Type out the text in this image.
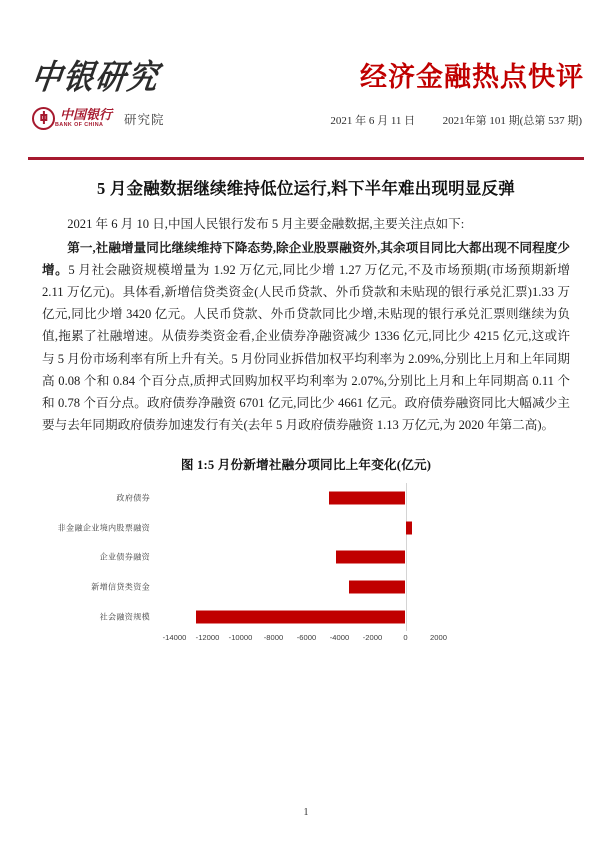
中银研究	经济金融热点快评
中国银行
BANK OF CHINA	研究院	2021 年 6 月 11 日	2021年第 101 期(总第 537 期)
5 月金融数据继续维持低位运行,料下半年难出现明显反弹

2021 年 6 月 10 日,中国人民银行发布 5 月主要金融数据,主要关注点如下:

第一,社融增量同比继续维持下降态势,除企业股票融资外,其余项目同比大都出现不同程度少增。5 月社会融资规模增量为 1.92 万亿元,同比少增 1.27 万亿元,不及市场预期(市场预期新增 2.11 万亿元)。具体看,新增信贷类资金(人民币贷款、外币贷款和未贴现的银行承兑汇票)1.33 万亿元,同比少增 3420 亿元。人民币贷款、外币贷款同比少增,未贴现的银行承兑汇票则继续为负值,拖累了社融增速。从债券类资金看,企业债券净融资减少 1336 亿元,同比少 4215 亿元,这或许与 5 月份市场利率有所上升有关。5 月份同业拆借加权平均利率为 2.09%,分别比上月和上年同期高 0.08 个和 0.84 个百分点,质押式回购加权平均利率为 2.07%,分别比上月和上年同期高 0.11 个和 0.78 个百分点。政府债券净融资 6701 亿元,同比少 4661 亿元。政府债券融资同比大幅减少主要与去年同期政府债券加速发行有关(去年 5 月政府债券融资 1.13 万亿元,为 2020 年第二高)。

图 1:5 月份新增社融分项同比上年变化(亿元)
政府债券
非金融企业境内股票融资
企业债券融资
新增信贷类资金
社会融资规模
-14000 -12000 -10000 -8000 -6000 -4000 -2000	0	2000
1
